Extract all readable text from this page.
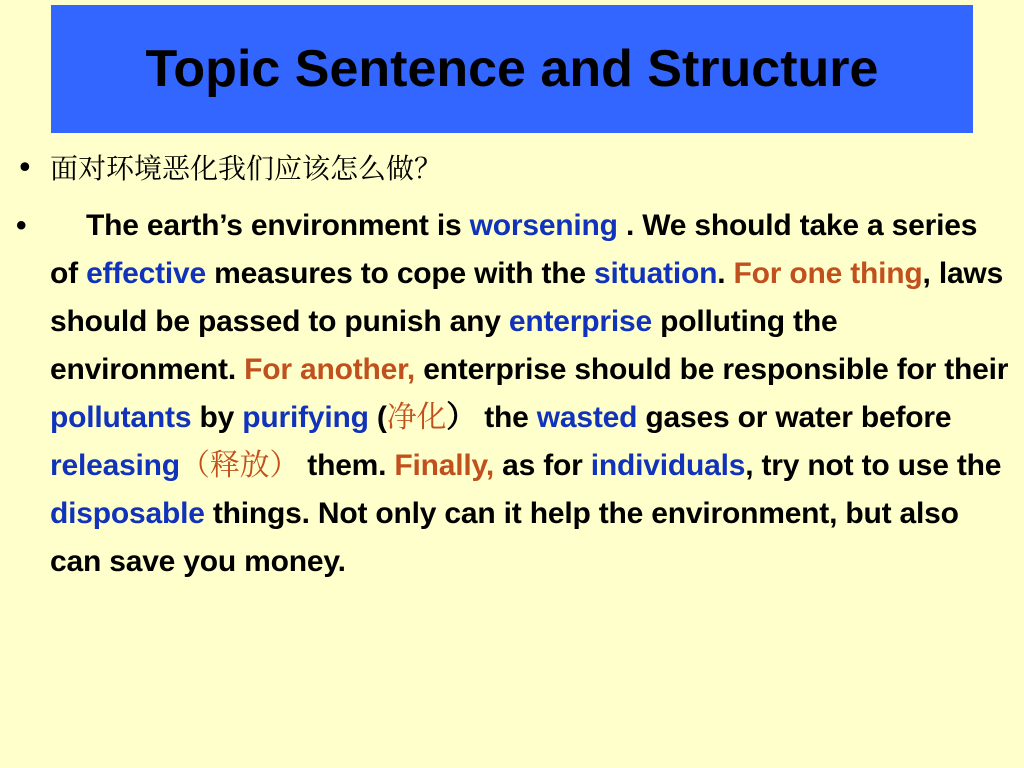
Topic Sentence and Structure
• 面对环境恶化我们应该怎么做？
• The earth’s environment is worsening . We should take a series of effective measures to cope with the situation. For one thing, laws should be passed to punish any enterprise polluting the environment. For another, enterprise should be responsible for their pollutants by purifying (净化） the wasted gases or water before releasing（释放） them. Finally, as for individuals, try not to use the disposable things. Not only can it help the environment, but also can save you money.
